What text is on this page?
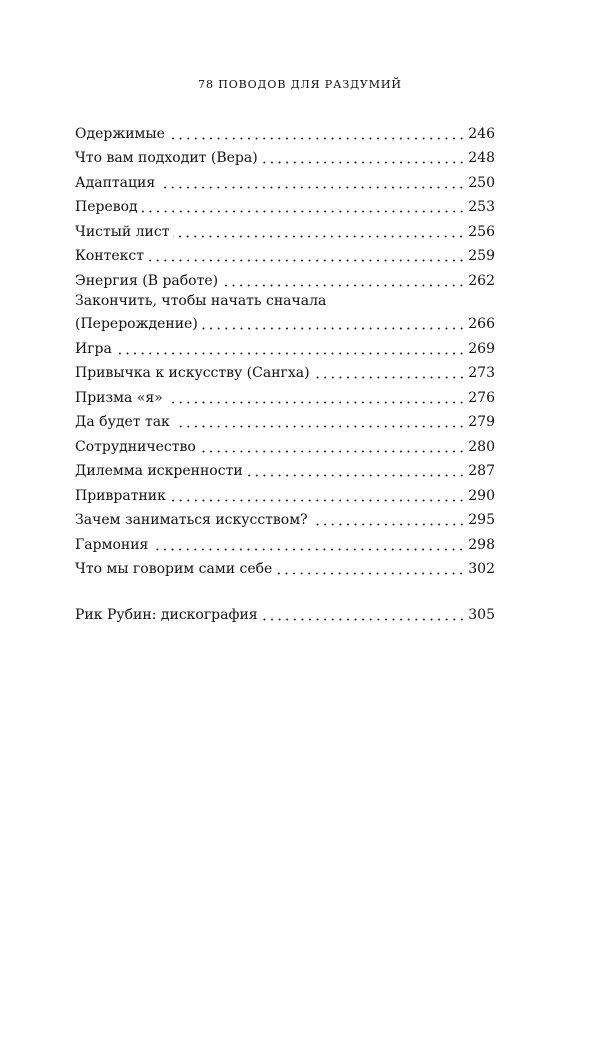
78 ПОВОДОВ ДЛЯ РАЗДУМИЙ
Одержимые	246
Что вам подходит (Вера)	248
Адаптация	250
Перевод	253
Чистый лист	256
Контекст	259
Энергия (В работе)	262
Закончить, чтобы начать сначала
(Перерождение)	266
Игра	269
Привычка к искусству (Сангха)	273
Призма «я»	276
Да будет так	279
Сотрудничество	280
Дилемма искренности	287
Привратник	290
Зачем заниматься искусством?	295
Гармония	298
Что мы говорим сами себе	302
Рик Рубин: дискография	305
